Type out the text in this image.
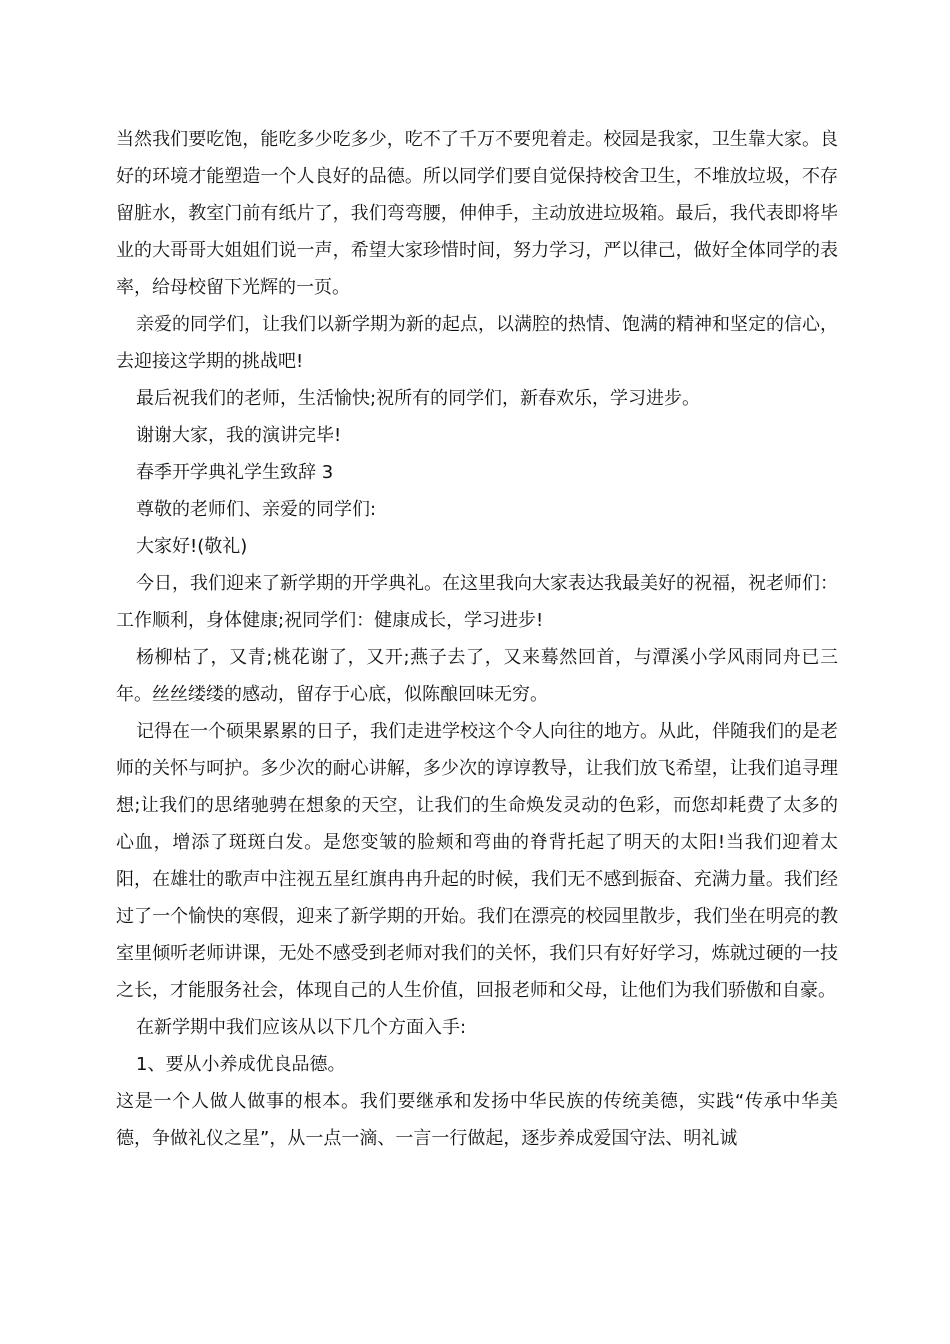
当然我们要吃饱，能吃多少吃多少，吃不了千万不要兜着走。校园是我家，卫生靠大家。良好的环境才能塑造一个人良好的品德。所以同学们要自觉保持校舍卫生，不堆放垃圾，不存留脏水，教室门前有纸片了，我们弯弯腰，伸伸手，主动放进垃圾箱。最后，我代表即将毕业的大哥哥大姐姐们说一声，希望大家珍惜时间，努力学习，严以律己，做好全体同学的表率，给母校留下光辉的一页。

亲爱的同学们，让我们以新学期为新的起点，以满腔的热情、饱满的精神和坚定的信心，去迎接这学期的挑战吧!

最后祝我们的老师，生活愉快;祝所有的同学们，新春欢乐，学习进步。

谢谢大家，我的演讲完毕!

春季开学典礼学生致辞 3

尊敬的老师们、亲爱的同学们:

大家好!(敬礼)

今日，我们迎来了新学期的开学典礼。在这里我向大家表达我最美好的祝福，祝老师们：工作顺利，身体健康;祝同学们：健康成长，学习进步!

杨柳枯了，又青;桃花谢了，又开;燕子去了，又来蓦然回首，与潭溪小学风雨同舟已三年。丝丝缕缕的感动，留存于心底，似陈酿回味无穷。

记得在一个硕果累累的日子，我们走进学校这个令人向往的地方。从此，伴随我们的是老师的关怀与呵护。多少次的耐心讲解，多少次的谆谆教导，让我们放飞希望，让我们追寻理想;让我们的思绪驰骋在想象的天空，让我们的生命焕发灵动的色彩，而您却耗费了太多的心血，增添了斑斑白发。是您变皱的脸颊和弯曲的脊背托起了明天的太阳!当我们迎着太阳，在雄壮的歌声中注视五星红旗冉冉升起的时候，我们无不感到振奋、充满力量。我们经过了一个愉快的寒假，迎来了新学期的开始。我们在漂亮的校园里散步，我们坐在明亮的教室里倾听老师讲课，无处不感受到老师对我们的关怀，我们只有好好学习，炼就过硬的一技之长，才能服务社会，体现自己的人生价值，回报老师和父母，让他们为我们骄傲和自豪。

在新学期中我们应该从以下几个方面入手:

1、要从小养成优良品德。

这是一个人做人做事的根本。我们要继承和发扬中华民族的传统美德，实践“传承中华美德，争做礼仪之星”，从一点一滴、一言一行做起，逐步养成爱国守法、明礼诚
